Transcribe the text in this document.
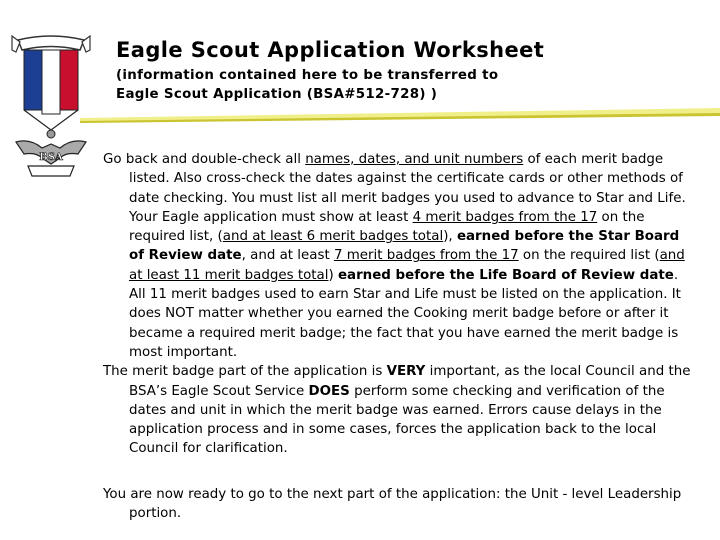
BSA
Eagle Scout Application Worksheet
(information contained here to be transferred to
Eagle Scout Application (BSA#512-728) )

Go back and double-check all names, dates, and unit numbers of each merit badge listed. Also cross-check the dates against the certificate cards or other methods of date checking. You must list all merit badges you used to advance to Star and Life. Your Eagle application must show at least 4 merit badges from the 17 on the required list, (and at least 6 merit badges total), earned before the Star Board of Review date, and at least 7 merit badges from the 17 on the required list (and at least 11 merit badges total) earned before the Life Board of Review date. All 11 merit badges used to earn Star and Life must be listed on the application. It does NOT matter whether you earned the Cooking merit badge before or after it became a required merit badge; the fact that you have earned the merit badge is most important.

The merit badge part of the application is VERY important, as the local Council and the BSA’s Eagle Scout Service DOES perform some checking and verification of the dates and unit in which the merit badge was earned. Errors cause delays in the application process and in some cases, forces the application back to the local Council for clarification.

You are now ready to go to the next part of the application: the Unit - level Leadership portion.
